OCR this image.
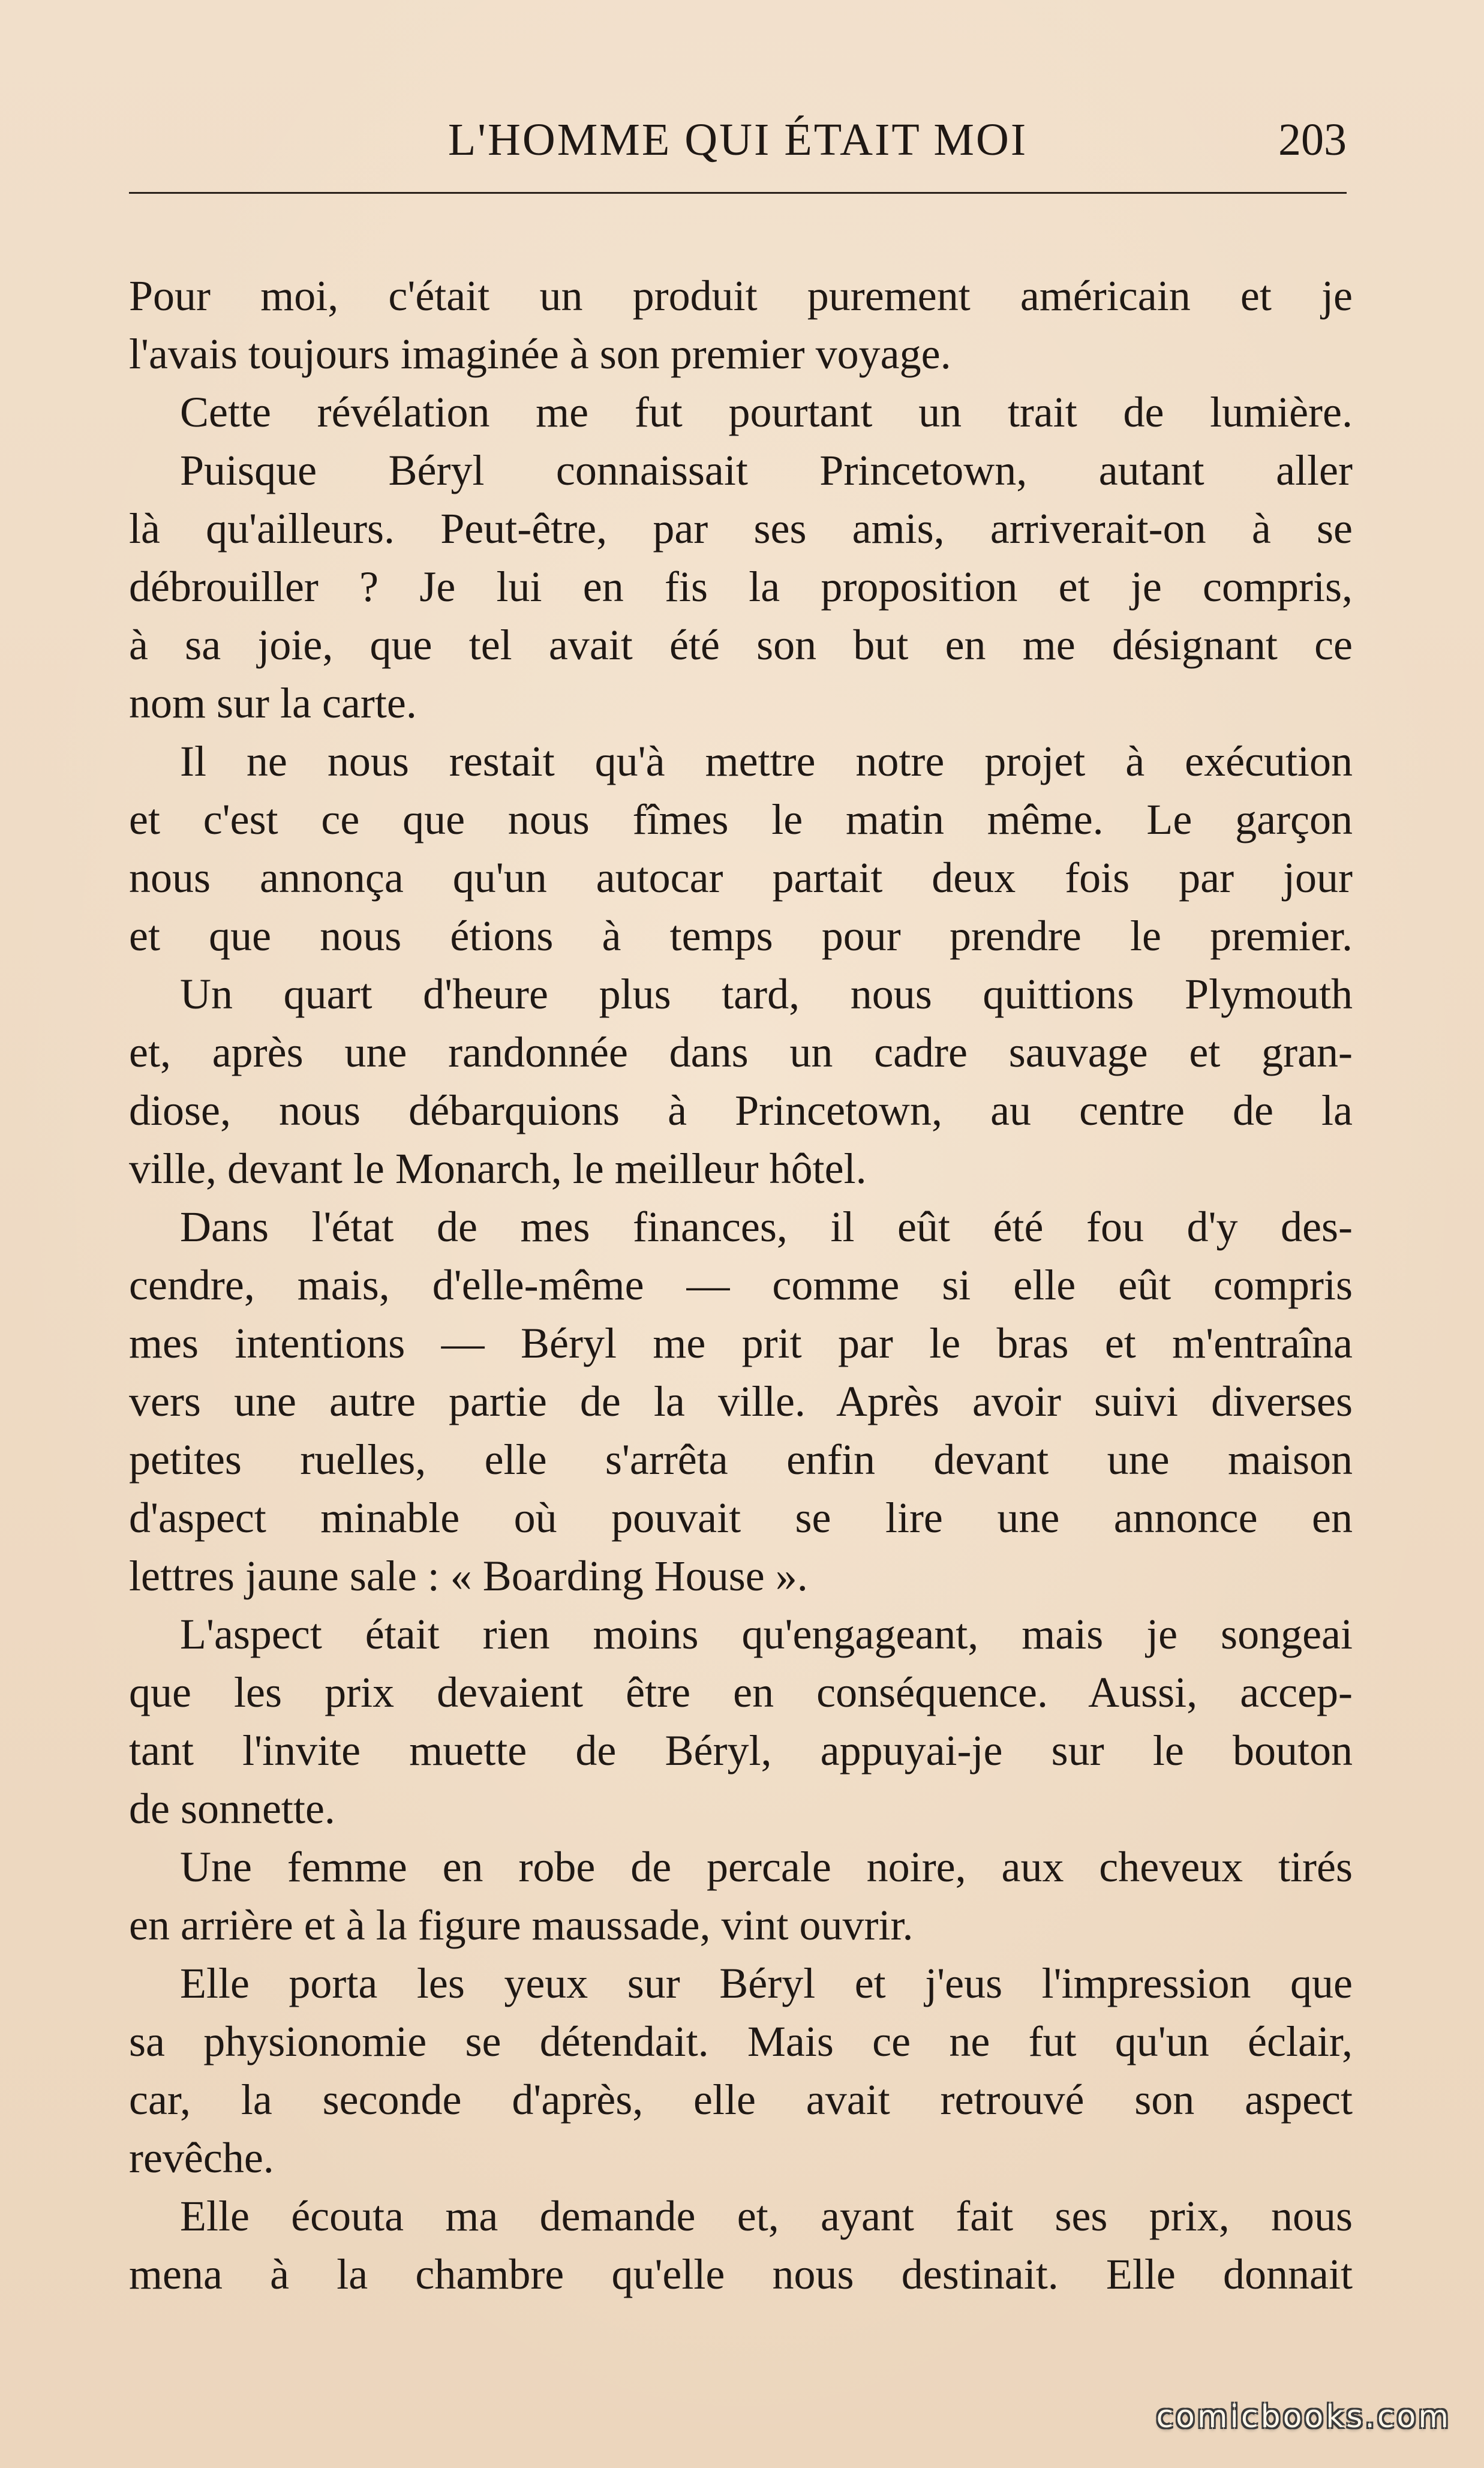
L'HOMME QUI ÉTAIT MOI	203
Pour moi, c'était un produit purement américain et je
l'avais toujours imaginée à son premier voyage.
Cette révélation me fut pourtant un trait de lumière.
Puisque Béryl connaissait Princetown, autant aller
là qu'ailleurs. Peut-être, par ses amis, arriverait-on à se
débrouiller ? Je lui en fis la proposition et je compris,
à sa joie, que tel avait été son but en me désignant ce
nom sur la carte.
Il ne nous restait qu'à mettre notre projet à exécution
et c'est ce que nous fîmes le matin même. Le garçon
nous annonça qu'un autocar partait deux fois par jour
et que nous étions à temps pour prendre le premier.
Un quart d'heure plus tard, nous quittions Plymouth
et, après une randonnée dans un cadre sauvage et gran-
diose, nous débarquions à Princetown, au centre de la
ville, devant le Monarch, le meilleur hôtel.
Dans l'état de mes finances, il eût été fou d'y des-
cendre, mais, d'elle-même — comme si elle eût compris
mes intentions — Béryl me prit par le bras et m'entraîna
vers une autre partie de la ville. Après avoir suivi diverses
petites ruelles, elle s'arrêta enfin devant une maison
d'aspect minable où pouvait se lire une annonce en
lettres jaune sale : « Boarding House ».
L'aspect était rien moins qu'engageant, mais je songeai
que les prix devaient être en conséquence. Aussi, accep-
tant l'invite muette de Béryl, appuyai-je sur le bouton
de sonnette.
Une femme en robe de percale noire, aux cheveux tirés
en arrière et à la figure maussade, vint ouvrir.
Elle porta les yeux sur Béryl et j'eus l'impression que
sa physionomie se détendait. Mais ce ne fut qu'un éclair,
car, la seconde d'après, elle avait retrouvé son aspect
revêche.
Elle écouta ma demande et, ayant fait ses prix, nous
mena à la chambre qu'elle nous destinait. Elle donnait
comicbooks.com
